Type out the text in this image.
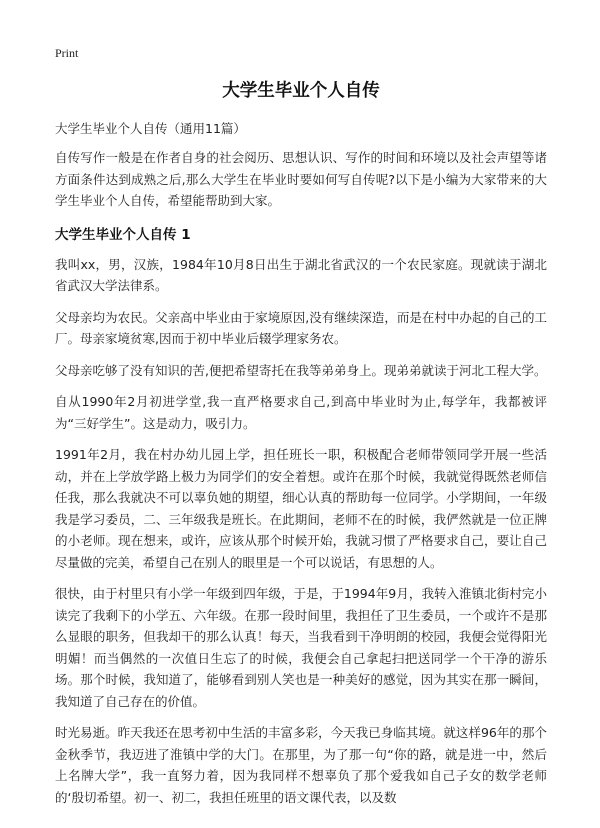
Print
大学生毕业个人自传

大学生毕业个人自传（通用11篇）

自传写作一般是在作者自身的社会阅历、思想认识、写作的时间和环境以及社会声望等诸方面条件达到成熟之后,那么大学生在毕业时要如何写自传呢?以下是小编为大家带来的大学生毕业个人自传，希望能帮助到大家。

大学生毕业个人自传 1

我叫xx，男，汉族，1984年10月8日出生于湖北省武汉的一个农民家庭。现就读于湖北省武汉大学法律系。

父母亲均为农民。父亲高中毕业由于家境原因,没有继续深造，而是在村中办起的自己的工厂。母亲家境贫寒,因而于初中毕业后辍学理家务农。

父母亲吃够了没有知识的苦,便把希望寄托在我等弟弟身上。现弟弟就读于河北工程大学。

自从1990年2月初进学堂,我一直严格要求自己,到高中毕业时为止,每学年，我都被评为“三好学生”。这是动力，吸引力。

1991年2月，我在村办幼儿园上学，担任班长一职，积极配合老师带领同学开展一些活动，并在上学放学路上极力为同学们的安全着想。或许在那个时候，我就觉得既然老师信任我，那么我就决不可以辜负她的期望，细心认真的帮助每一位同学。小学期间，一年级我是学习委员，二、三年级我是班长。在此期间，老师不在的时候，我俨然就是一位正牌的小老师。现在想来，或许，应该从那个时候开始，我就习惯了严格要求自己，要让自己尽量做的完美，希望自己在别人的眼里是一个可以说话，有思想的人。

很快，由于村里只有小学一年级到四年级，于是，于1994年9月，我转入淮镇北街村完小读完了我剩下的小学五、六年级。在那一段时间里，我担任了卫生委员，一个或许不是那么显眼的职务，但我却干的那么认真！每天，当我看到干净明朗的校园，我便会觉得阳光明媚！而当偶然的一次值日生忘了的时候，我便会自己拿起扫把送同学一个干净的游乐场。那个时候，我知道了，能够看到别人笑也是一种美好的感觉，因为其实在那一瞬间，我知道了自己存在的价值。

时光易逝。昨天我还在思考初中生活的丰富多彩，今天我已身临其境。就这样96年的那个金秋季节，我迈进了淮镇中学的大门。在那里，为了那一句“你的路，就是进一中，然后上名牌大学”，我一直努力着，因为我同样不想辜负了那个爱我如自己子女的数学老师的‘殷切希望。初一、初二，我担任班里的语文课代表，以及数
